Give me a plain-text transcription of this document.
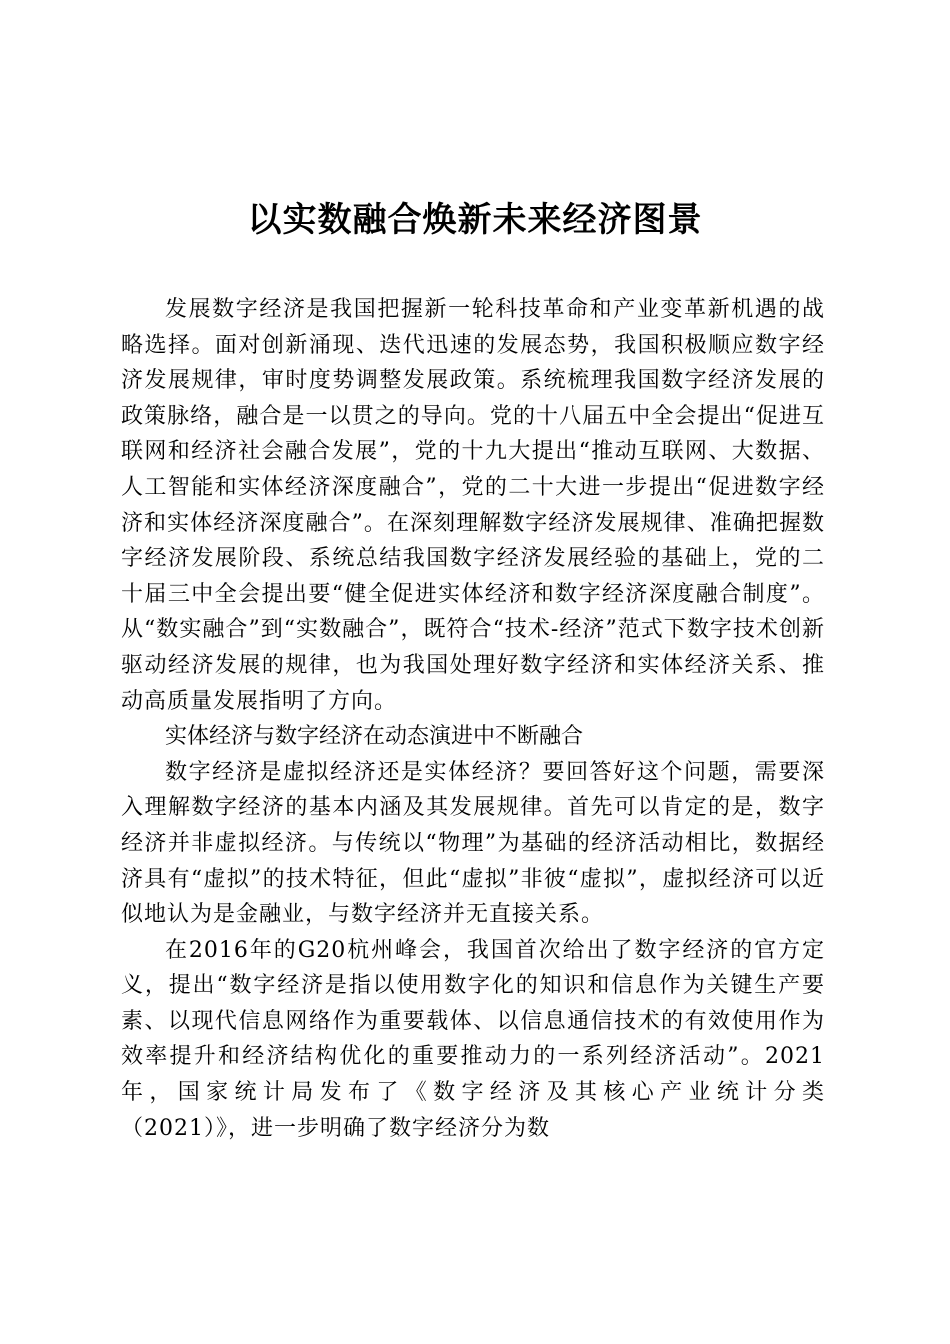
以实数融合焕新未来经济图景

发展数字经济是我国把握新一轮科技革命和产业变革新机遇的战略选择。面对创新涌现、迭代迅速的发展态势，我国积极顺应数字经济发展规律，审时度势调整发展政策。系统梳理我国数字经济发展的政策脉络，融合是一以贯之的导向。党的十八届五中全会提出“促进互联网和经济社会融合发展”，党的十九大提出“推动互联网、大数据、人工智能和实体经济深度融合”，党的二十大进一步提出“促进数字经济和实体经济深度融合”。在深刻理解数字经济发展规律、准确把握数字经济发展阶段、系统总结我国数字经济发展经验的基础上，党的二十届三中全会提出要“健全促进实体经济和数字经济深度融合制度”。从“数实融合”到“实数融合”，既符合“技术-经济”范式下数字技术创新驱动经济发展的规律，也为我国处理好数字经济和实体经济关系、推动高质量发展指明了方向。

实体经济与数字经济在动态演进中不断融合

数字经济是虚拟经济还是实体经济？要回答好这个问题，需要深入理解数字经济的基本内涵及其发展规律。首先可以肯定的是，数字经济并非虚拟经济。与传统以“物理”为基础的经济活动相比，数据经济具有“虚拟”的技术特征，但此“虚拟”非彼“虚拟”，虚拟经济可以近似地认为是金融业，与数字经济并无直接关系。

在2016年的G20杭州峰会，我国首次给出了数字经济的官方定义，提出“数字经济是指以使用数字化的知识和信息作为关键生产要素、以现代信息网络作为重要载体、以信息通信技术的有效使用作为效率提升和经济结构优化的重要推动力的一系列经济活动”。2021年，国家统计局发布了《数字经济及其核心产业统计分类（2021）》，进一步明确了数字经济分为数
